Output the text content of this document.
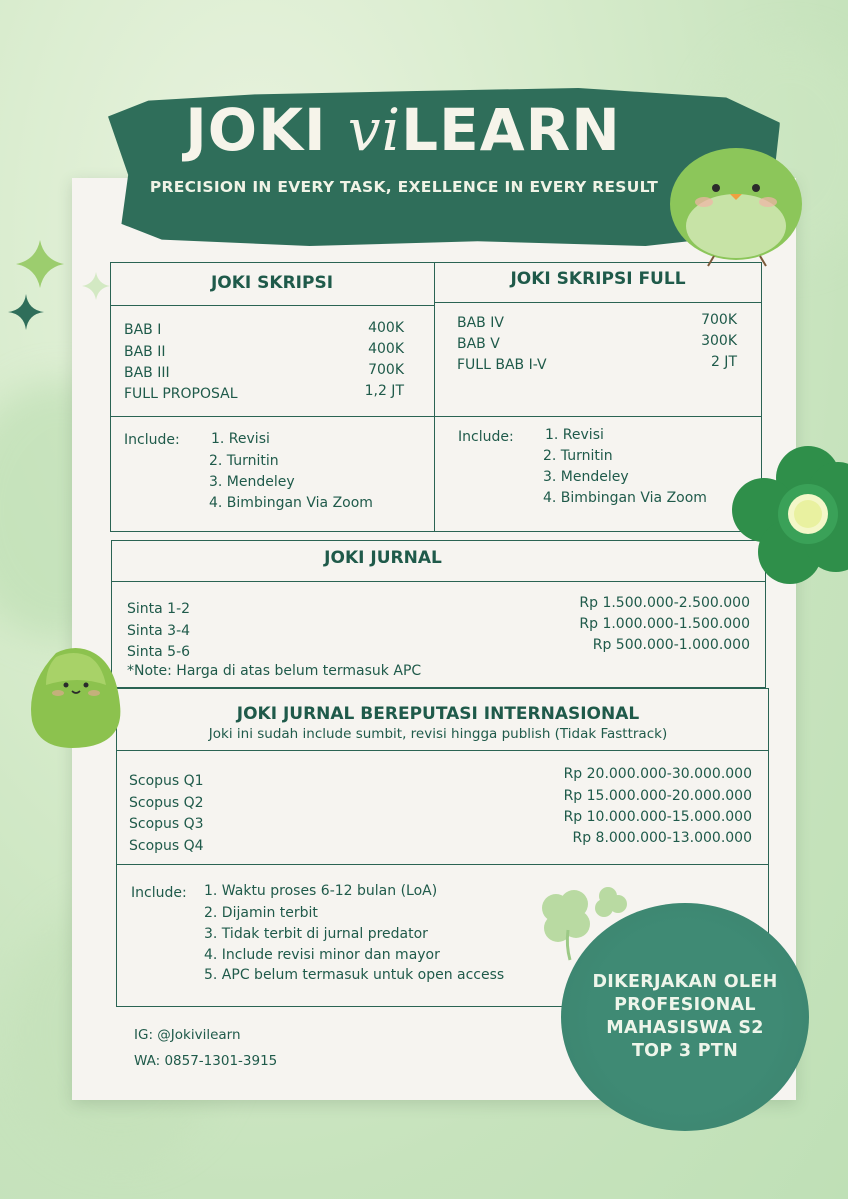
JOKI viLEARN
PRECISION IN EVERY TASK, EXELLENCE IN EVERY RESULT
JOKI SKRIPSI	JOKI SKRIPSI FULL
BAB I	400K
BAB II	400K
BAB III	700K
FULL PROPOSAL	1,2 JT
BAB IV	700K
BAB V	300K
FULL BAB I-V	2 JT
Include: 1. Revisi
2. Turnitin
3. Mendeley
4. Bimbingan Via Zoom
Include: 1. Revisi
2. Turnitin
3. Mendeley
4. Bimbingan Via Zoom
JOKI JURNAL
Sinta 1-2	Rp 1.500.000-2.500.000
Sinta 3-4	Rp 1.000.000-1.500.000
Sinta 5-6	Rp 500.000-1.000.000
*Note: Harga di atas belum termasuk APC
JOKI JURNAL BEREPUTASI INTERNASIONAL
Joki ini sudah include sumbit, revisi hingga publish (Tidak Fasttrack)
Scopus Q1	Rp 20.000.000-30.000.000
Scopus Q2	Rp 15.000.000-20.000.000
Scopus Q3	Rp 10.000.000-15.000.000
Scopus Q4	Rp 8.000.000-13.000.000
Include: 1. Waktu proses 6-12 bulan (LoA)
2. Dijamin terbit
3. Tidak terbit di jurnal predator
4. Include revisi minor dan mayor
5. APC belum termasuk untuk open access
IG: @Jokivilearn
WA: 0857-1301-3915
DIKERJAKAN OLEH
PROFESIONAL
MAHASISWA S2
TOP 3 PTN
